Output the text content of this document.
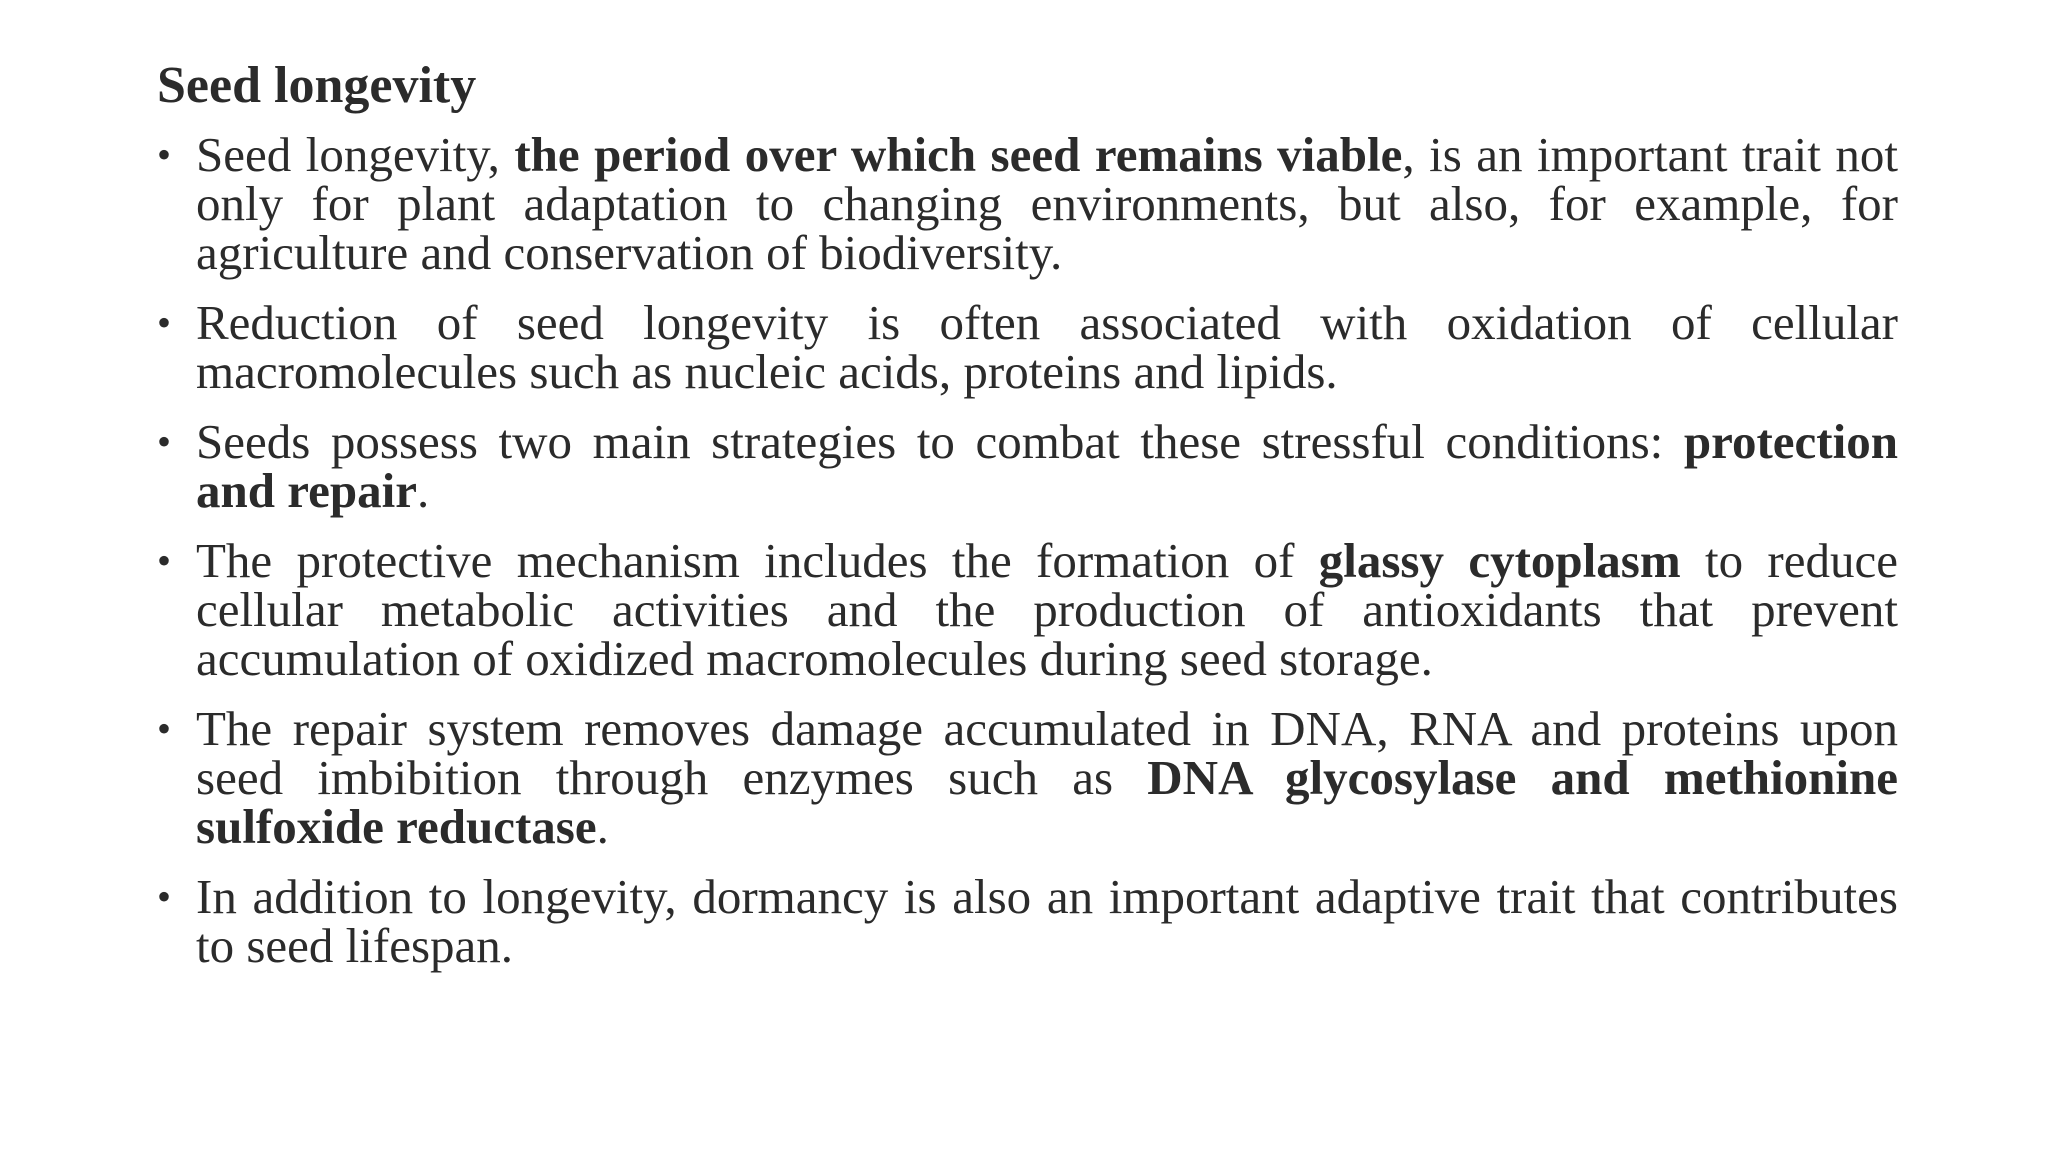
Seed longevity
• Seed longevity, the period over which seed remains viable, is an important trait not only for plant adaptation to changing environments, but also, for example, for agriculture and conservation of biodiversity.
• Reduction of seed longevity is often associated with oxidation of cellular macromolecules such as nucleic acids, proteins and lipids.
• Seeds possess two main strategies to combat these stressful conditions: protection and repair.
• The protective mechanism includes the formation of glassy cytoplasm to reduce cellular metabolic activities and the production of antioxidants that prevent accumulation of oxidized macromolecules during seed storage.
• The repair system removes damage accumulated in DNA, RNA and proteins upon seed imbibition through enzymes such as DNA glycosylase and methionine sulfoxide reductase.
• In addition to longevity, dormancy is also an important adaptive trait that contributes to seed lifespan.
